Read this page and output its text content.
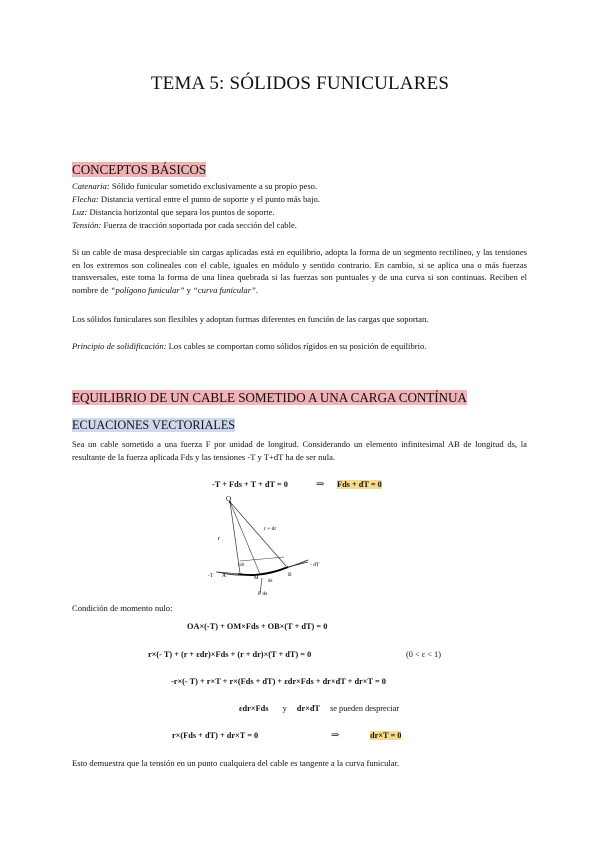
TEMA 5: SÓLIDOS FUNICULARES
CONCEPTOS BÁSICOS
Catenaria: Sólido funicular sometido exclusivamente a su propio peso.
Flecha: Distancia vertical entre el punto de soporte y el punto más bajo.
Luz: Distancia horizontal que separa los puntos de soporte.
Tensión: Fuerza de tracción soportada por cada sección del cable.
Si un cable de masa despreciable sin cargas aplicadas está en equilibrio, adopta la forma de un segmento rectilíneo, y las tensiones en los extremos son colineales con el cable, iguales en módulo y sentido contrario. En cambio, si se aplica una o más fuerzas transversales, este toma la forma de una línea quebrada si las fuerzas son puntuales y de una curva si son continuas. Reciben el nombre de “polígono funicular” y “curva funicular”.
Los sólidos funiculares son flexibles y adoptan formas diferentes en función de las cargas que soportan.
Principio de solidificación: Los cables se comportan como sólidos rígidos en su posición de equilibrio.
EQUILIBRIO DE UN CABLE SOMETIDO A UNA CARGA CONTÍNUA
ECUACIONES VECTORIALES
Sea un cable sometido a una fuerza F por unidad de longitud. Considerando un elemento infinitesimal AB de longitud ds, la resultante de la fuerza aplicada Fds y las tensiones -T y T+dT ha de ser nula.
-T + Fds + T + dT = 0	⇒ Fds + dT = 0
O
r
r + dr
εdr
-T A	M
B
ds
- dT
F ds
Condición de momento nulo:
OA×(-T) + OM×Fds + OB×(T + dT) = 0
r×(- T) + (r + εdr)×Fds + (r + dr)×(T + dT) = 0	(0 < ε < 1)
-r×(- T) + r×T + r×(Fds + dT) + εdr×Fds + dr×dT + dr×T = 0
εdr×Fds y dr×dT se pueden despreciar
r×(Fds + dT) + dr×T = 0	⇒	dr×T = 0
Esto demuestra que la tensión en un punto cualquiera del cable es tangente a la curva funicular.
